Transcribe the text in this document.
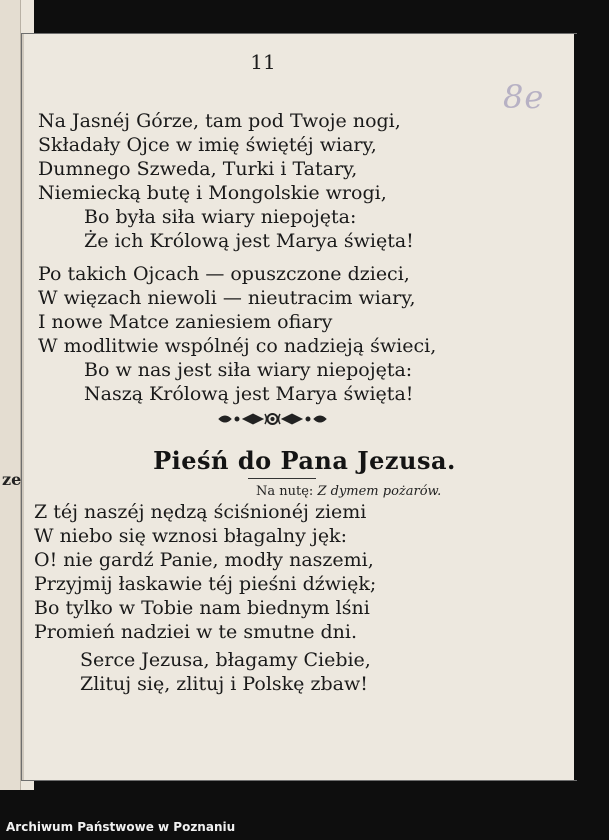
ze
11
8e
Na Jasnéj Górze, tam pod Twoje nogi,
Składały Ojce w imię świętéj wiary,
Dumnego Szweda, Turki i Tatary,
Niemiecką butę i Mongolskie wrogi,
Bo była siła wiary niepojęta:
Że ich Królową jest Marya święta!
Po takich Ojcach — opuszczone dzieci,
W więzach niewoli — nieutracim wiary,
I nowe Matce zaniesiem ofiary
W modlitwie wspólnéj co nadzieją świeci,
Bo w nas jest siła wiary niepojęta:
Naszą Królową jest Marya święta!
Pieśń do Pana Jezusa.
Na nutę: Z dymem pożarów.
Z téj naszéj nędzą ściśnionéj ziemi
W niebo się wznosi błagalny jęk:
O! nie gardź Panie, modły naszemi,
Przyjmij łaskawie téj pieśni dźwięk;
Bo tylko w Tobie nam biednym lśni
Promień nadziei w te smutne dni.
Serce Jezusa, błagamy Ciebie,
Zlituj się, zlituj i Polskę zbaw!
Archiwum Państwowe w Poznaniu
